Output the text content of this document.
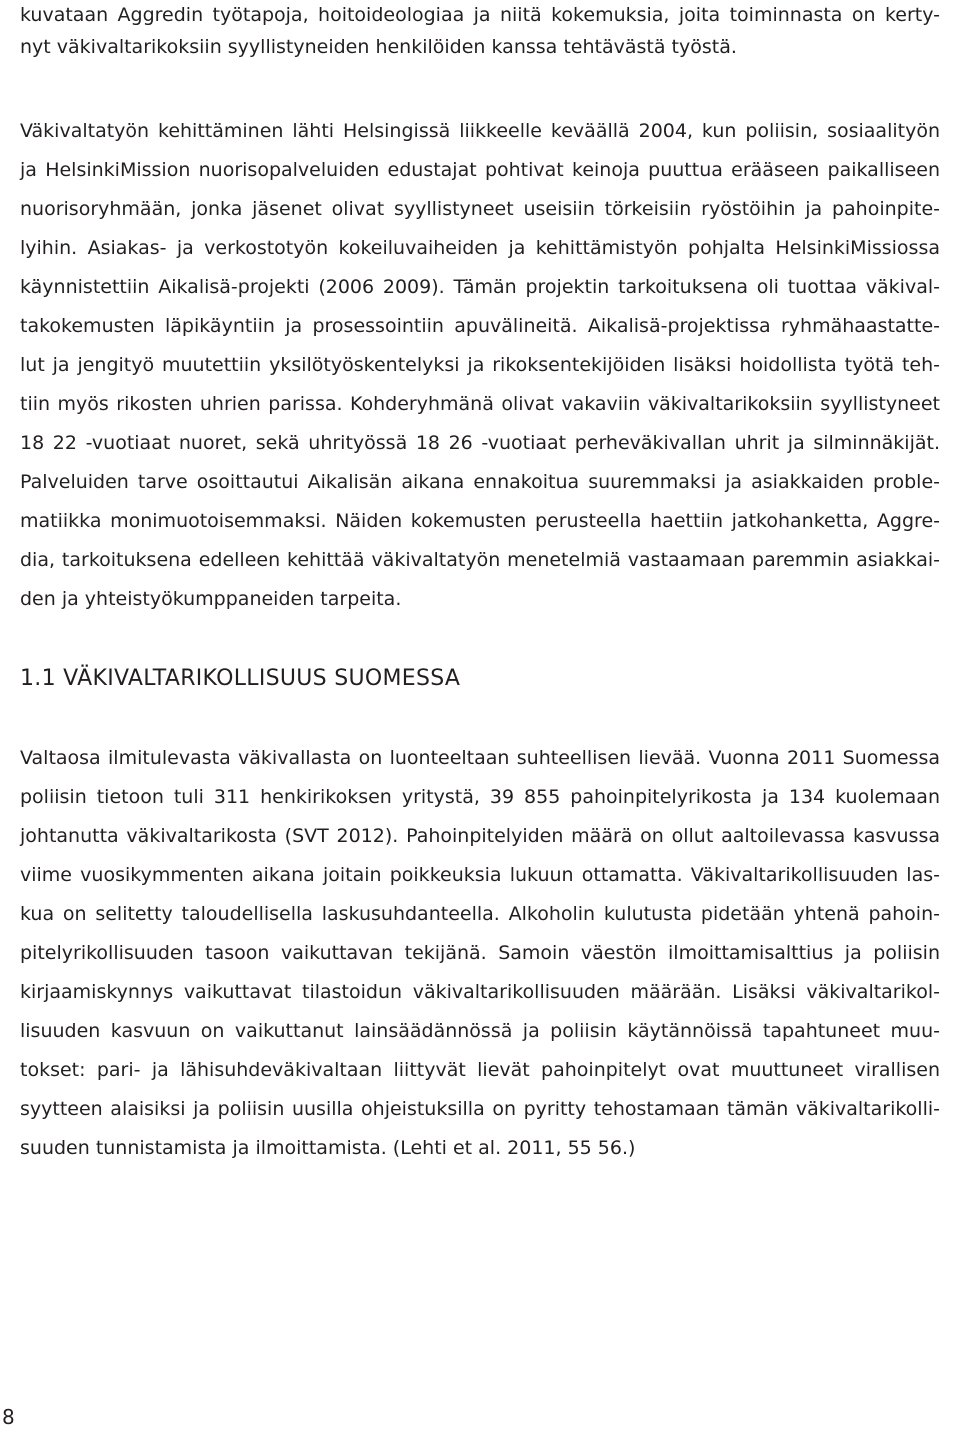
kuvataan Aggredin työtapoja, hoitoideologiaa ja niitä kokemuksia, joita toiminnasta on kerty-
nyt väkivaltarikoksiin syyllistyneiden henkilöiden kanssa tehtävästä työstä.
Väkivaltatyön kehittäminen lähti Helsingissä liikkeelle keväällä 2004, kun poliisin, sosiaalityön
ja HelsinkiMission nuorisopalveluiden edustajat pohtivat keinoja puuttua erääseen paikalliseen
nuorisoryhmään, jonka jäsenet olivat syyllistyneet useisiin törkeisiin ryöstöihin ja pahoinpite-
lyihin. Asiakas- ja verkostotyön kokeiluvaiheiden ja kehittämistyön pohjalta HelsinkiMissiossa
käynnistettiin Aikalisä-projekti (2006 2009). Tämän projektin tarkoituksena oli tuottaa väkival-
takokemusten läpikäyntiin ja prosessointiin apuvälineitä. Aikalisä-projektissa ryhmähaastatte-
lut ja jengityö muutettiin yksilötyöskentelyksi ja rikoksentekijöiden lisäksi hoidollista työtä teh-
tiin myös rikosten uhrien parissa. Kohderyhmänä olivat vakaviin väkivaltarikoksiin syyllistyneet
18 22 -vuotiaat nuoret, sekä uhrityössä 18 26 -vuotiaat perheväkivallan uhrit ja silminnäkijät.
Palveluiden tarve osoittautui Aikalisän aikana ennakoitua suuremmaksi ja asiakkaiden proble-
matiikka monimuotoisemmaksi. Näiden kokemusten perusteella haettiin jatkohanketta, Aggre-
dia, tarkoituksena edelleen kehittää väkivaltatyön menetelmiä vastaamaan paremmin asiakkai-
den ja yhteistyökumppaneiden tarpeita.
1.1 VÄKIVALTARIKOLLISUUS SUOMESSA
Valtaosa ilmitulevasta väkivallasta on luonteeltaan suhteellisen lievää. Vuonna 2011 Suomessa
poliisin tietoon tuli 311 henkirikoksen yritystä, 39 855 pahoinpitelyrikosta ja 134 kuolemaan
johtanutta väkivaltarikosta (SVT 2012). Pahoinpitelyiden määrä on ollut aaltoilevassa kasvussa
viime vuosikymmenten aikana joitain poikkeuksia lukuun ottamatta. Väkivaltarikollisuuden las-
kua on selitetty taloudellisella laskusuhdanteella. Alkoholin kulutusta pidetään yhtenä pahoin-
pitelyrikollisuuden tasoon vaikuttavan tekijänä. Samoin väestön ilmoittamisalttius ja poliisin
kirjaamiskynnys vaikuttavat tilastoidun väkivaltarikollisuuden määrään. Lisäksi väkivaltarikol-
lisuuden kasvuun on vaikuttanut lainsäädännössä ja poliisin käytännöissä tapahtuneet muu-
tokset: pari- ja lähisuhdeväkivaltaan liittyvät lievät pahoinpitelyt ovat muuttuneet virallisen
syytteen alaisiksi ja poliisin uusilla ohjeistuksilla on pyritty tehostamaan tämän väkivaltarikolli-
suuden tunnistamista ja ilmoittamista. (Lehti et al. 2011, 55 56.)
8
